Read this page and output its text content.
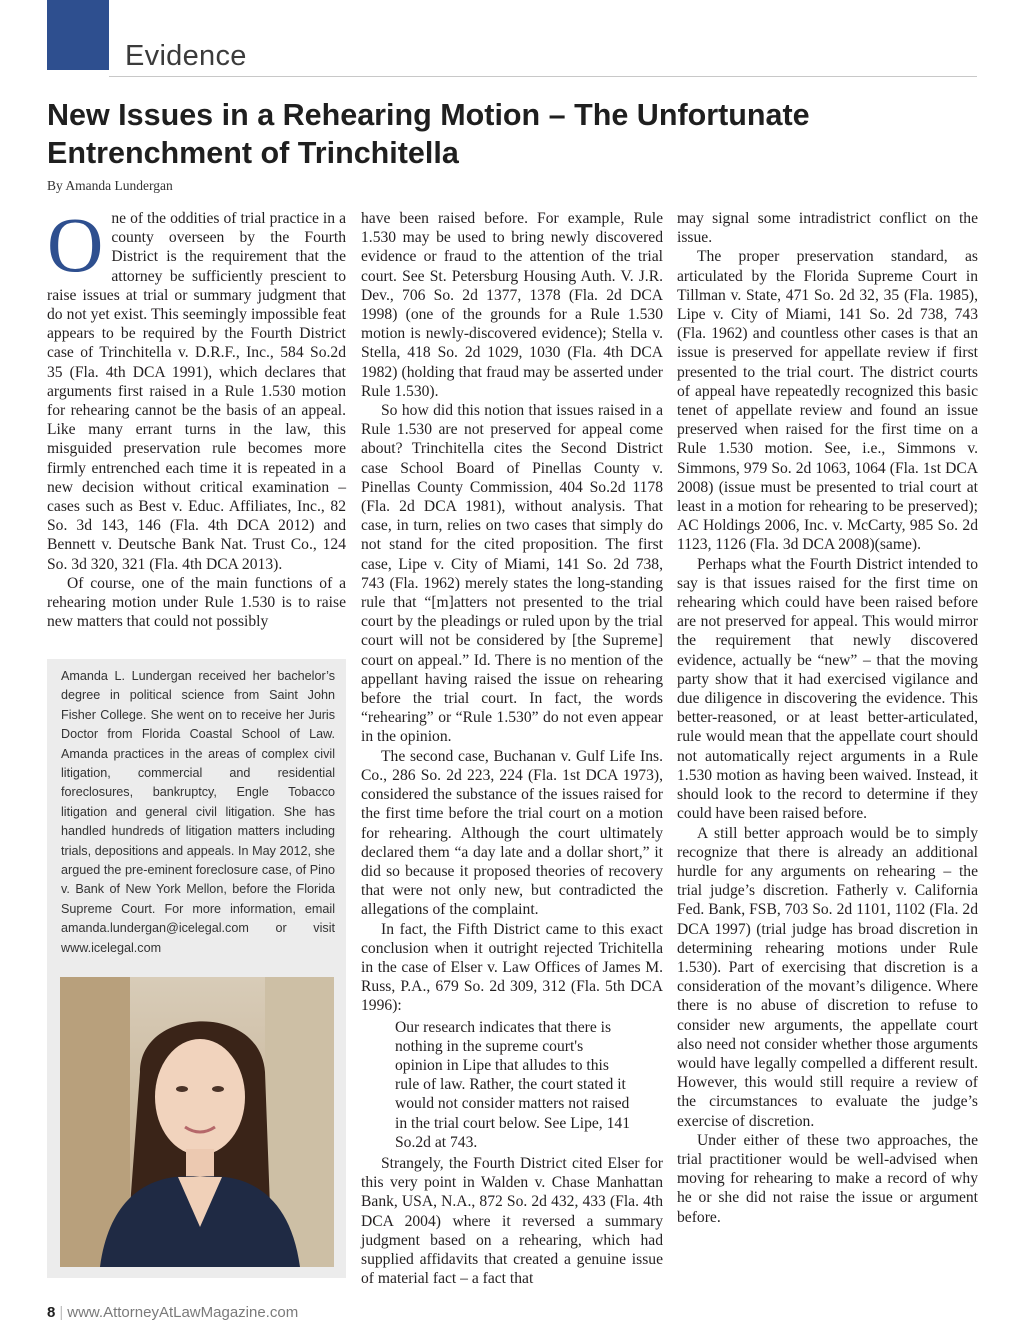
Evidence
New Issues in a Rehearing Motion – The Unfortunate
Entrenchment of Trinchitella
By Amanda Lundergan

One of the oddities of trial practice in a county overseen by the Fourth District is the requirement that the attorney be sufficiently prescient to raise issues at trial or summary judgment that do not yet exist. This seemingly impossible feat appears to be required by the Fourth District case of Trinchitella v. D.R.F., Inc., 584 So.2d 35 (Fla. 4th DCA 1991), which declares that arguments first raised in a Rule 1.530 motion for rehearing cannot be the basis of an appeal. Like many errant turns in the law, this misguided preservation rule becomes more firmly entrenched each time it is repeated in a new decision without critical examination – cases such as Best v. Educ. Affiliates, Inc., 82 So. 3d 143, 146 (Fla. 4th DCA 2012) and Bennett v. Deutsche Bank Nat. Trust Co., 124 So. 3d 320, 321 (Fla. 4th DCA 2013).

Of course, one of the main functions of a rehearing motion under Rule 1.530 is to raise new matters that could not possibly

Amanda L. Lundergan received her bachelor’s degree in political science from Saint John Fisher College. She went on to receive her Juris Doctor from Florida Coastal School of Law. Amanda practices in the areas of complex civil litigation, commercial and residential foreclosures, bankruptcy, Engle Tobacco litigation and general civil litigation. She has handled hundreds of litigation matters including trials, depositions and appeals. In May 2012, she argued the pre-eminent foreclosure case, of Pino v. Bank of New York Mellon, before the Florida Supreme Court. For more information, email amanda.lundergan@icelegal.com or visit www.icelegal.com

have been raised before. For example, Rule 1.530 may be used to bring newly discovered evidence or fraud to the attention of the trial court. See St. Petersburg Housing Auth. V. J.R. Dev., 706 So. 2d 1377, 1378 (Fla. 2d DCA 1998) (one of the grounds for a Rule 1.530 motion is newly-discovered evidence); Stella v. Stella, 418 So. 2d 1029, 1030 (Fla. 4th DCA 1982) (holding that fraud may be asserted under Rule 1.530).

So how did this notion that issues raised in a Rule 1.530 are not preserved for appeal come about? Trinchitella cites the Second District case School Board of Pinellas County v. Pinellas County Commission, 404 So.2d 1178 (Fla. 2d DCA 1981), without analysis. That case, in turn, relies on two cases that simply do not stand for the cited proposition. The first case, Lipe v. City of Miami, 141 So. 2d 738, 743 (Fla. 1962) merely states the long-standing rule that “[m]atters not presented to the trial court by the pleadings or ruled upon by the trial court will not be considered by [the Supreme] court on appeal.” Id. There is no mention of the appellant having raised the issue on rehearing before the trial court. In fact, the words “rehearing” or “Rule 1.530” do not even appear in the opinion.

The second case, Buchanan v. Gulf Life Ins. Co., 286 So. 2d 223, 224 (Fla. 1st DCA 1973), considered the substance of the issues raised for the first time before the trial court on a motion for rehearing. Although the court ultimately declared them “a day late and a dollar short,” it did so because it proposed theories of recovery that were not only new, but contradicted the allegations of the complaint.

In fact, the Fifth District came to this exact conclusion when it outright rejected Trichitella in the case of Elser v. Law Offices of James M. Russ, P.A., 679 So. 2d 309, 312 (Fla. 5th DCA 1996):

Our research indicates that there is nothing in the supreme court's opinion in Lipe that alludes to this rule of law. Rather, the court stated it would not consider matters not raised in the trial court below. See Lipe, 141 So.2d at 743.

Strangely, the Fourth District cited Elser for this very point in Walden v. Chase Manhattan Bank, USA, N.A., 872 So. 2d 432, 433 (Fla. 4th DCA 2004) where it reversed a summary judgment based on a rehearing, which had supplied affidavits that created a genuine issue of material fact – a fact that

may signal some intradistrict conflict on the issue.

The proper preservation standard, as articulated by the Florida Supreme Court in Tillman v. State, 471 So. 2d 32, 35 (Fla. 1985), Lipe v. City of Miami, 141 So. 2d 738, 743 (Fla. 1962) and countless other cases is that an issue is preserved for appellate review if first presented to the trial court. The district courts of appeal have repeatedly recognized this basic tenet of appellate review and found an issue preserved when raised for the first time on a Rule 1.530 motion. See, i.e., Simmons v. Simmons, 979 So. 2d 1063, 1064 (Fla. 1st DCA 2008) (issue must be presented to trial court at least in a motion for rehearing to be preserved); AC Holdings 2006, Inc. v. McCarty, 985 So. 2d 1123, 1126 (Fla. 3d DCA 2008)(same).

Perhaps what the Fourth District intended to say is that issues raised for the first time on rehearing which could have been raised before are not preserved for appeal. This would mirror the requirement that newly discovered evidence, actually be “new” – that the moving party show that it had exercised vigilance and due diligence in discovering the evidence. This better-reasoned, or at least better-articulated, rule would mean that the appellate court should not automatically reject arguments in a Rule 1.530 motion as having been waived. Instead, it should look to the record to determine if they could have been raised before.

A still better approach would be to simply recognize that there is already an additional hurdle for any arguments on rehearing – the trial judge’s discretion. Fatherly v. California Fed. Bank, FSB, 703 So. 2d 1101, 1102 (Fla. 2d DCA 1997) (trial judge has broad discretion in determining rehearing motions under Rule 1.530). Part of exercising that discretion is a consideration of the movant’s diligence. Where there is no abuse of discretion to refuse to consider new arguments, the appellate court also need not consider whether those arguments would have legally compelled a different result. However, this would still require a review of the circumstances to evaluate the judge’s exercise of discretion.

Under either of these two approaches, the trial practitioner would be well-advised when moving for rehearing to make a record of why he or she did not raise the issue or argument before.

8 | www.AttorneyAtLawMagazine.com
